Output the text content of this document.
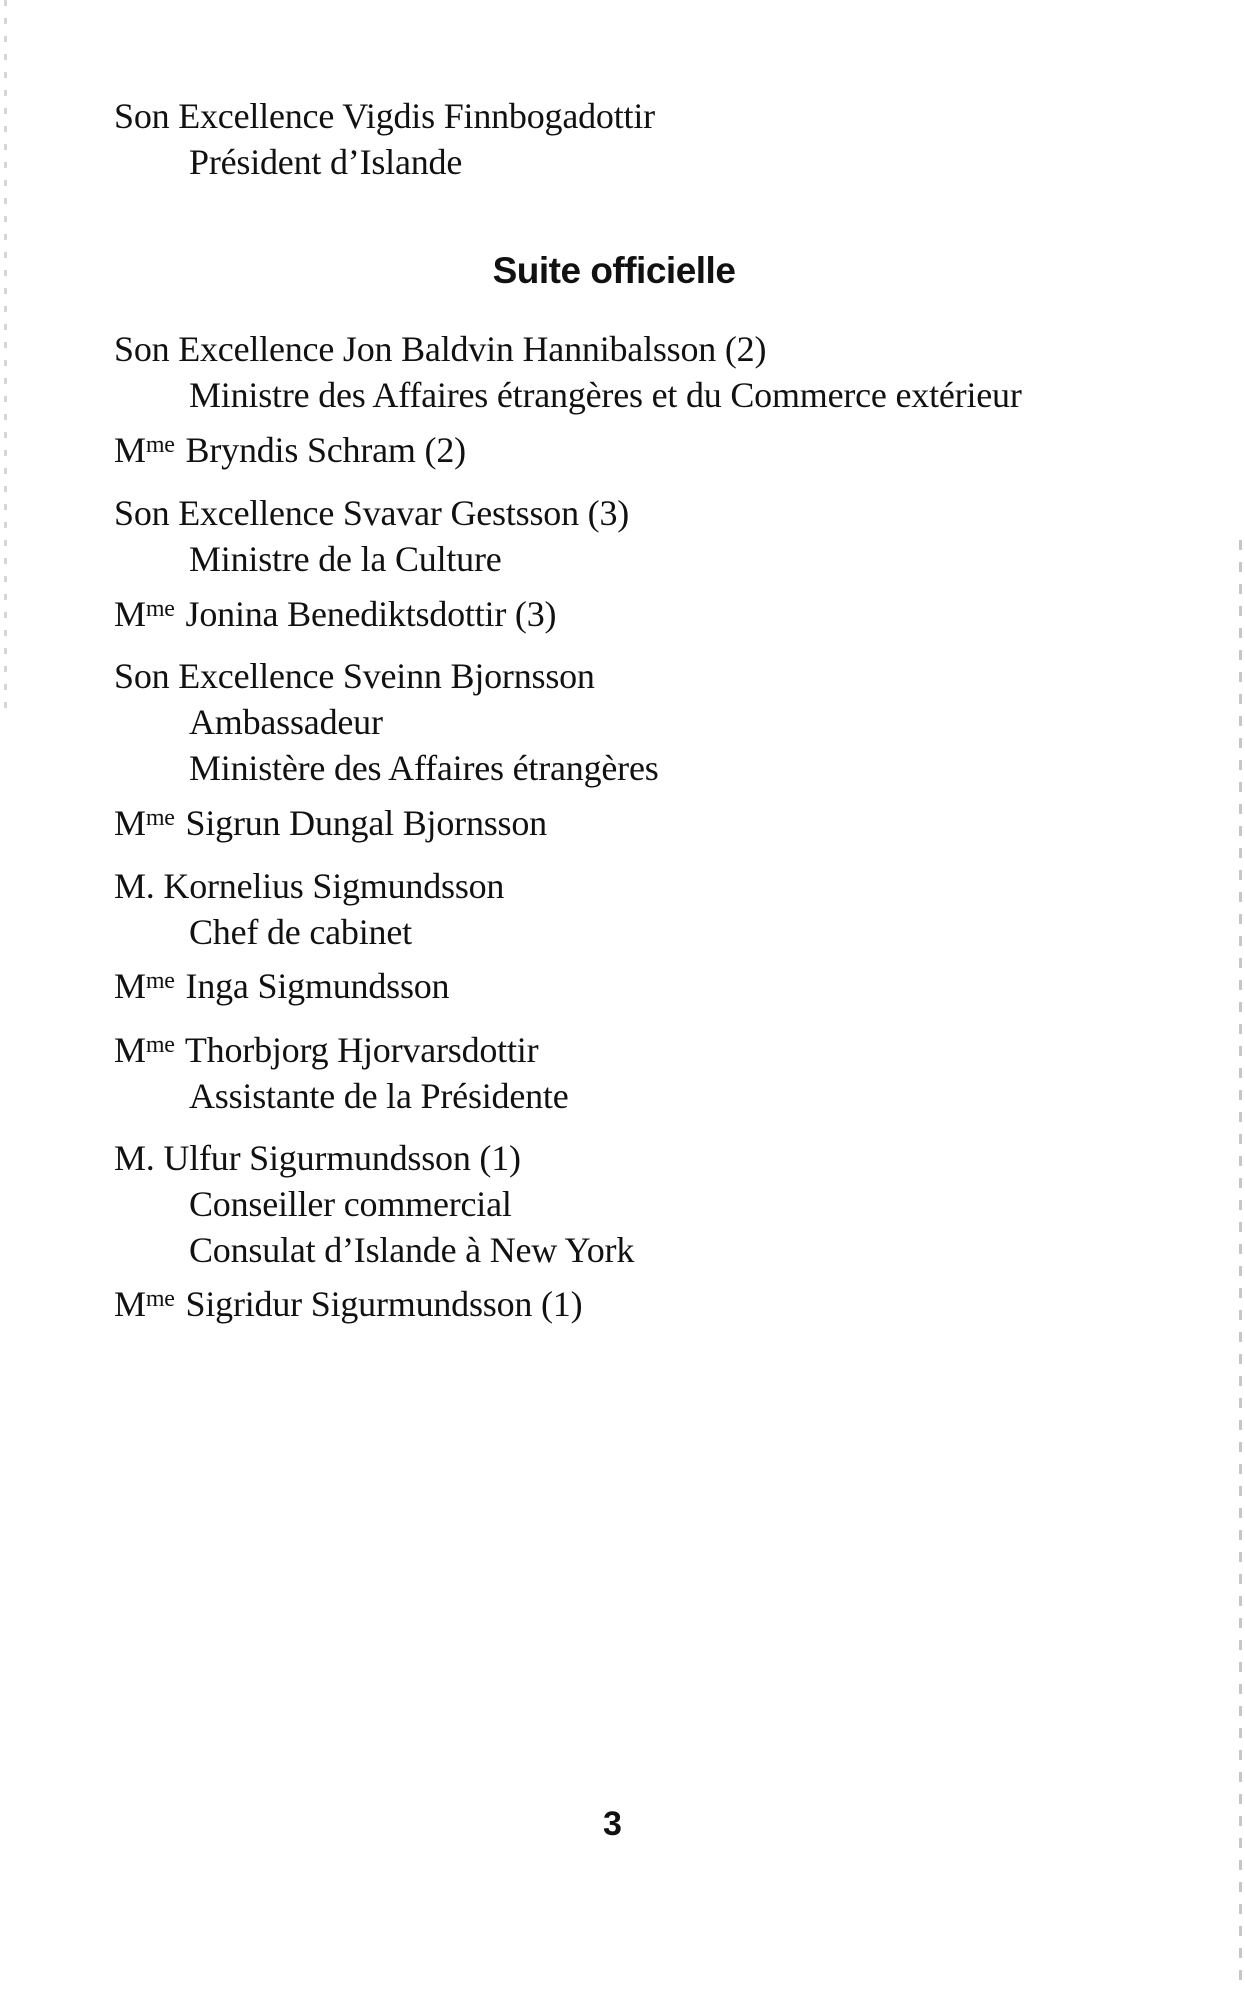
Son Excellence Vigdis Finnbogadottir
Président d’Islande
Suite officielle
Son Excellence Jon Baldvin Hannibalsson (2)
Ministre des Affaires étrangères et du Commerce extérieur
$M^{me}$ Bryndis Schram (2)
Son Excellence Svavar Gestsson (3)
Ministre de la Culture
$M^{me}$ Jonina Benediktsdottir (3)
Son Excellence Sveinn Bjornsson
Ambassadeur
Ministère des Affaires étrangères
$M^{me}$ Sigrun Dungal Bjornsson
M. Kornelius Sigmundsson
Chef de cabinet
$M^{me}$ Inga Sigmundsson
$M^{me}$ Thorbjorg Hjorvarsdottir
Assistante de la Présidente
M. Ulfur Sigurmundsson (1)
Conseiller commercial
Consulat d’Islande à New York
$M^{me}$ Sigridur Sigurmundsson (1)
3
